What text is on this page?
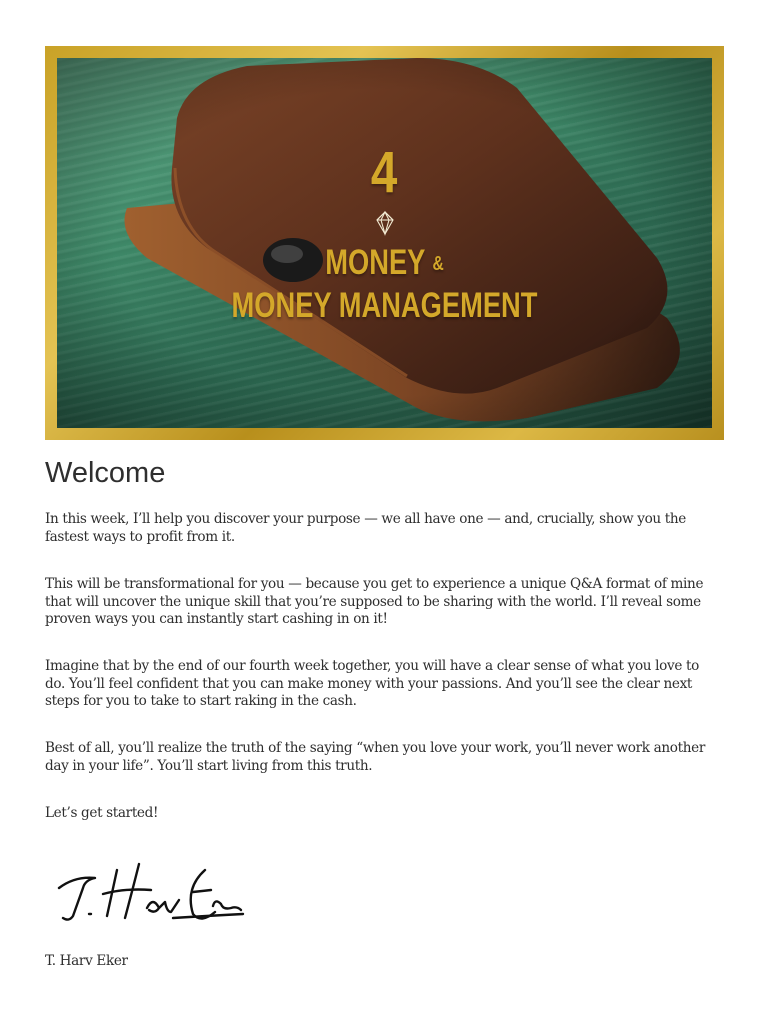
4
MONEY &
MONEY MANAGEMENT
Welcome

In this week, I’ll help you discover your purpose — we all have one — and, crucially, show you the fastest ways to profit from it.

This will be transformational for you — because you get to experience a unique Q&A format of mine that will uncover the unique skill that you’re supposed to be sharing with the world. I’ll reveal some proven ways you can instantly start cashing in on it!

Imagine that by the end of our fourth week together, you will have a clear sense of what you love to do. You’ll feel confident that you can make money with your passions. And you’ll see the clear next steps for you to take to start raking in the cash.

Best of all, you’ll realize the truth of the saying “when you love your work, you’ll never work another day in your life”. You’ll start living from this truth.

Let’s get started!

T. Harv Eker
